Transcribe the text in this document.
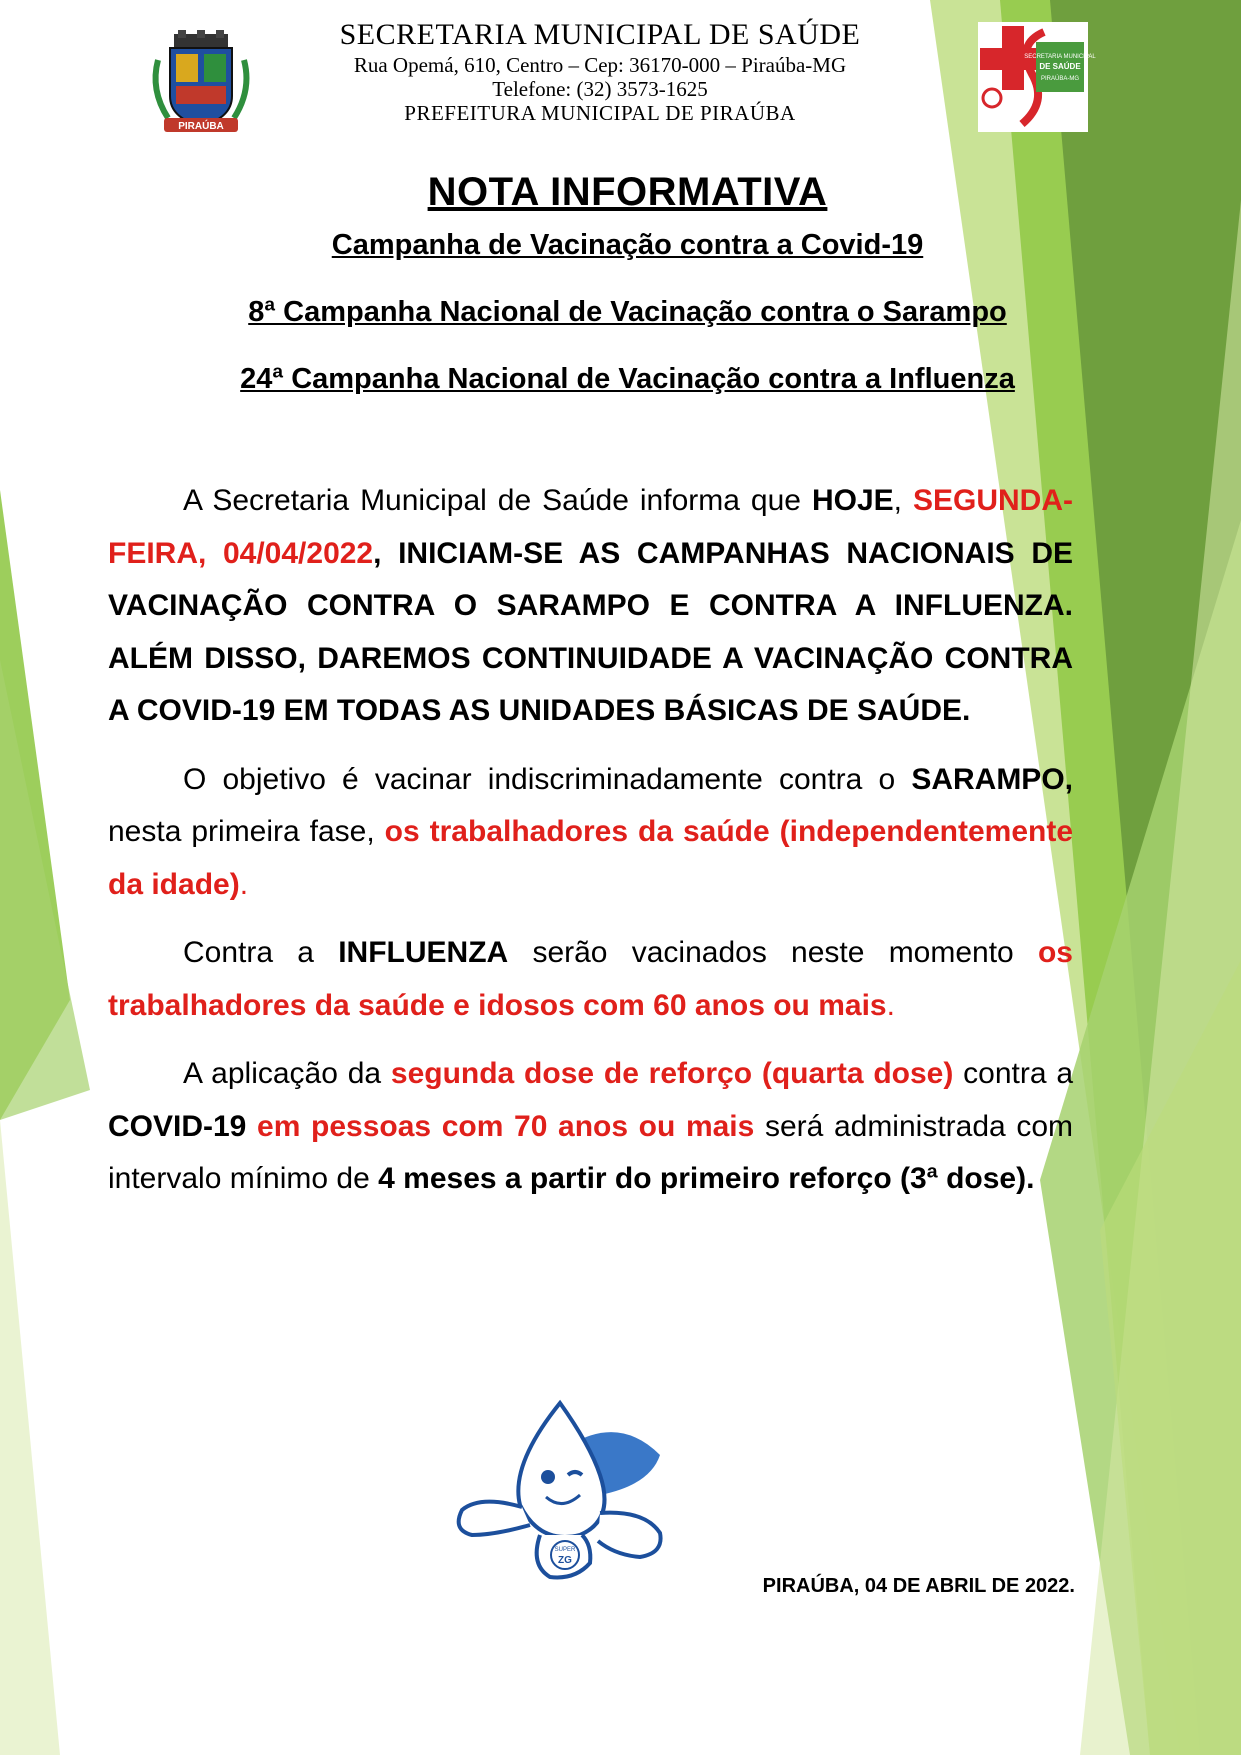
SECRETARIA MUNICIPAL DE SAÚDE
Rua Opemá, 610, Centro – Cep: 36170-000 – Piraúba-MG
Telefone: (32) 3573-1625
PREFEITURA MUNICIPAL DE PIRAÚBA
PIRAÚBA
SECRETARIA MUNICIPAL
DE SAÚDE
PIRAÚBA-MG
NOTA INFORMATIVA
Campanha de Vacinação contra a Covid-19
8ª Campanha Nacional de Vacinação contra o Sarampo
24ª Campanha Nacional de Vacinação contra a Influenza

A Secretaria Municipal de Saúde informa que HOJE, SEGUNDA-FEIRA, 04/04/2022, INICIAM-SE AS CAMPANHAS NACIONAIS DE VACINAÇÃO CONTRA O SARAMPO E CONTRA A INFLUENZA. ALÉM DISSO, DAREMOS CONTINUIDADE A VACINAÇÃO CONTRA A COVID-19 EM TODAS AS UNIDADES BÁSICAS DE SAÚDE.

O objetivo é vacinar indiscriminadamente contra o SARAMPO, nesta primeira fase, os trabalhadores da saúde (independentemente da idade).

Contra a INFLUENZA serão vacinados neste momento os trabalhadores da saúde e idosos com 60 anos ou mais.

A aplicação da segunda dose de reforço (quarta dose) contra a COVID-19 em pessoas com 70 anos ou mais será administrada com intervalo mínimo de 4 meses a partir do primeiro reforço (3ª dose).

SUPER
ZG
PIRAÚBA, 04 DE ABRIL DE 2022.
